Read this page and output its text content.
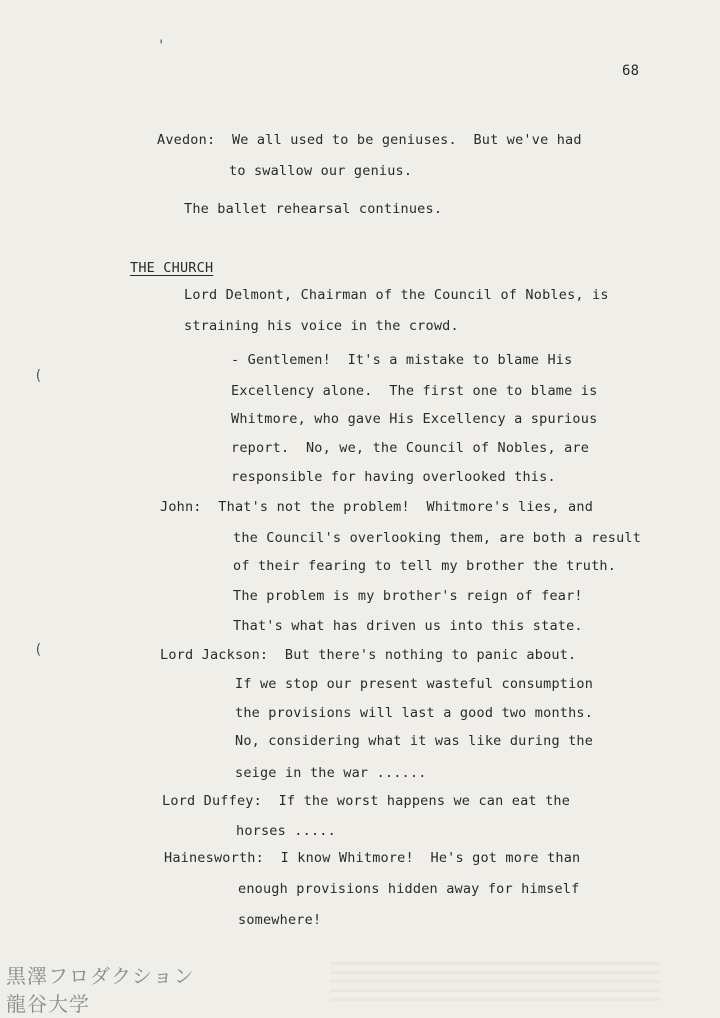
'
(
(
68
THE CHURCH
Avedon:  We all used to be geniuses.  But we've had
to swallow our genius.
The ballet rehearsal continues.
Lord Delmont, Chairman of the Council of Nobles, is
straining his voice in the crowd.
- Gentlemen!  It's a mistake to blame His
Excellency alone.  The first one to blame is
Whitmore, who gave His Excellency a spurious
report.  No, we, the Council of Nobles, are
responsible for having overlooked this.
John:  That's not the problem!  Whitmore's lies, and
the Council's overlooking them, are both a result
of their fearing to tell my brother the truth.
The problem is my brother's reign of fear!
That's what has driven us into this state.
Lord Jackson:  But there's nothing to panic about.
If we stop our present wasteful consumption
the provisions will last a good two months.
No, considering what it was like during the
seige in the war ......
Lord Duffey:  If the worst happens we can eat the
horses .....
Hainesworth:  I know Whitmore!  He's got more than
enough provisions hidden away for himself
somewhere!
黒澤フロダクション
龍谷大学
